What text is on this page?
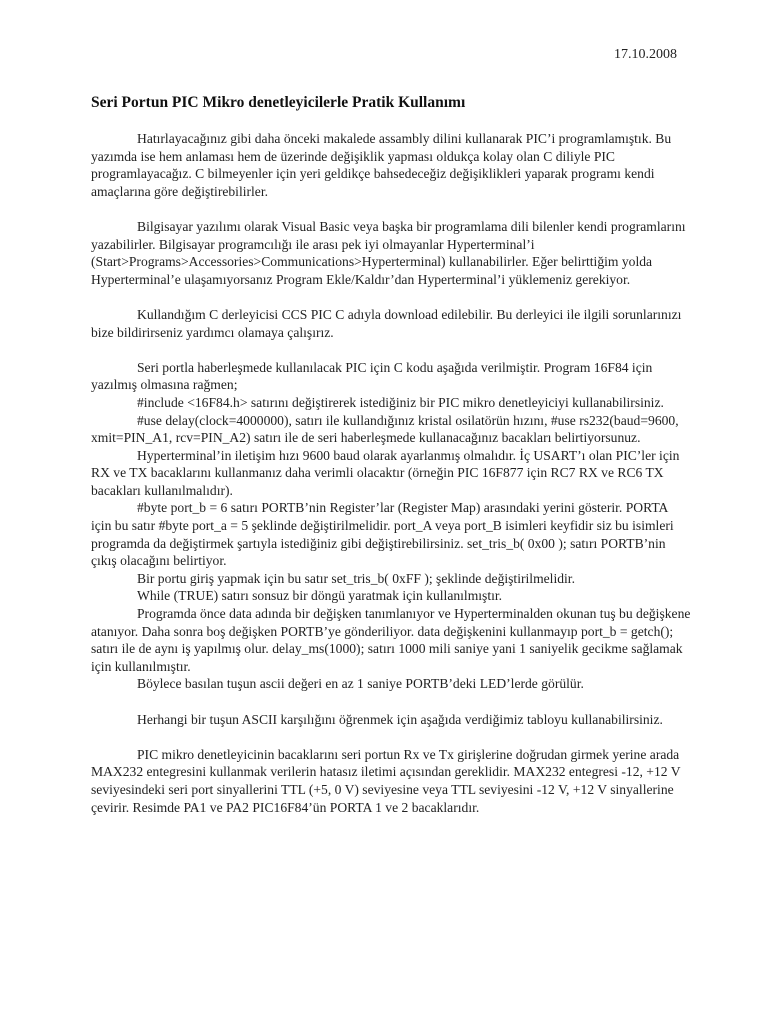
17.10.2008
Seri Portun PIC Mikro denetleyicilerle Pratik Kullanımı

Hatırlayacağınız gibi daha önceki makalede assambly dilini kullanarak PIC’i programlamıştık. Bu yazımda ise hem anlaması hem de üzerinde değişiklik yapması oldukça kolay olan C diliyle PIC programlayacağız. C bilmeyenler için yeri geldikçe bahsedeceğiz değişiklikleri yaparak programı kendi amaçlarına göre değiştirebilirler.

Bilgisayar yazılımı olarak Visual Basic veya başka bir programlama dili bilenler kendi programlarını yazabilirler. Bilgisayar programcılığı ile arası pek iyi olmayanlar Hyperterminal’i (Start>Programs>Accessories>Communications>Hyperterminal) kullanabilirler. Eğer belirttiğim yolda Hyperterminal’e ulaşamıyorsanız Program Ekle/Kaldır’dan Hyperterminal’i yüklemeniz gerekiyor.

Kullandığım C derleyicisi CCS PIC C adıyla download edilebilir. Bu derleyici ile ilgili sorunlarınızı bize bildirirseniz yardımcı olamaya çalışırız.

Seri portla haberleşmede kullanılacak PIC için C kodu aşağıda verilmiştir. Program 16F84 için yazılmış olmasına rağmen;

#include <16F84.h> satırını değiştirerek istediğiniz bir PIC mikro denetleyiciyi kullanabilirsiniz.

#use delay(clock=4000000), satırı ile kullandığınız kristal osilatörün hızını, #use rs232(baud=9600, xmit=PIN_A1, rcv=PIN_A2) satırı ile de seri haberleşmede kullanacağınız bacakları belirtiyorsunuz.

Hyperterminal’in iletişim hızı 9600 baud olarak ayarlanmış olmalıdır. İç USART’ı olan PIC’ler için RX ve TX bacaklarını kullanmanız daha verimli olacaktır (örneğin PIC 16F877 için RC7 RX ve RC6 TX bacakları kullanılmalıdır).

#byte port_b = 6 satırı PORTB’nin Register’lar (Register Map) arasındaki yerini gösterir. PORTA için bu satır #byte port_a = 5 şeklinde değiştirilmelidir. port_A veya port_B isimleri keyfidir siz bu isimleri programda da değiştirmek şartıyla istediğiniz gibi değiştirebilirsiniz. set_tris_b( 0x00 ); satırı PORTB’nin çıkış olacağını belirtiyor.

Bir portu giriş yapmak için bu satır set_tris_b( 0xFF ); şeklinde değiştirilmelidir.

While (TRUE) satırı sonsuz bir döngü yaratmak için kullanılmıştır.

Programda önce data adında bir değişken tanımlanıyor ve Hyperterminalden okunan tuş bu değişkene atanıyor. Daha sonra boş değişken PORTB’ye gönderiliyor. data değişkenini kullanmayıp port_b = getch(); satırı ile de aynı iş yapılmış olur. delay_ms(1000); satırı 1000 mili saniye yani 1 saniyelik gecikme sağlamak için kullanılmıştır.

Böylece basılan tuşun ascii değeri en az 1 saniye PORTB’deki LED’lerde görülür.

Herhangi bir tuşun ASCII karşılığını öğrenmek için aşağıda verdiğimiz tabloyu kullanabilirsiniz.

PIC mikro denetleyicinin bacaklarını seri portun Rx ve Tx girişlerine doğrudan girmek yerine arada MAX232 entegresini kullanmak verilerin hatasız iletimi açısından gereklidir. MAX232 entegresi -12, +12 V seviyesindeki seri port sinyallerini TTL (+5, 0 V) seviyesine veya TTL seviyesini -12 V, +12 V sinyallerine çevirir. Resimde PA1 ve PA2 PIC16F84’ün PORTA 1 ve 2 bacaklarıdır.
